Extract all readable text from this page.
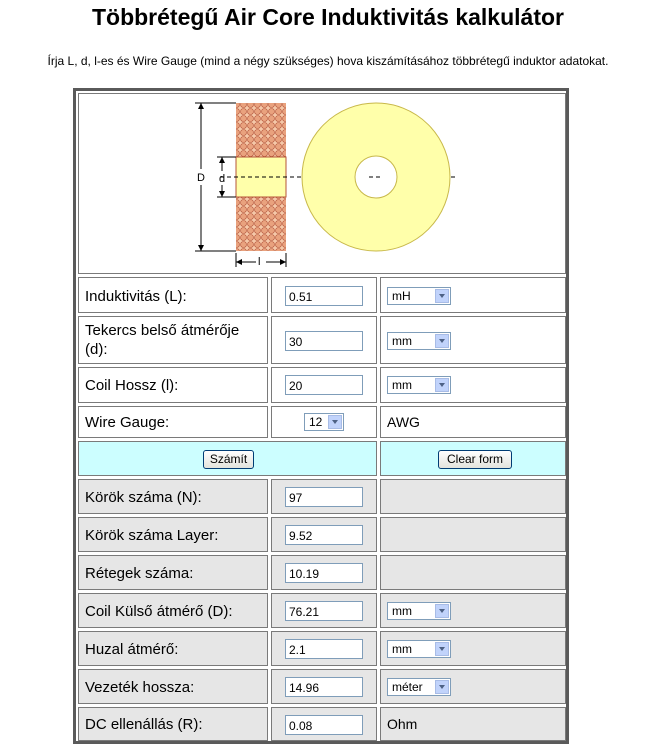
Többrétegű Air Core Induktivitás kalkulátor
Írja L, d, l-es és Wire Gauge (mind a négy szükséges) hova kiszámításához többrétegű induktor adatokat.
D d
l
Induktivitás (L):	0.51	mH
Tekercs belső átmérője (d):	30	mm
Coil Hossz (l):	20	mm
Wire Gauge:	12	AWG
Számít	Clear form
Körök száma (N):	97
Körök száma Layer:	9.52
Rétegek száma:	10.19
Coil Külső átmérő (D):	76.21	mm
Huzal átmérő:	2.1	mm
Vezeték hossza:	14.96	méter
DC ellenállás (R):	0.08	Ohm
